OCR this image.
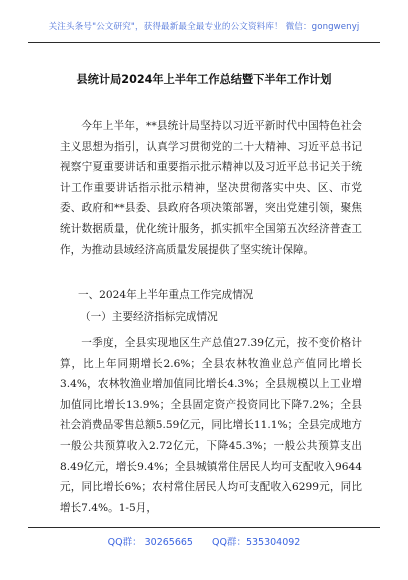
关注头条号"公文研究"，获得最新最全最专业的公文资料库！ 微信：gongwenyj
县统计局2024年上半年工作总结暨下半年工作计划
今年上半年，**县统计局坚持以习近平新时代中国特色社会主义思想为指引，认真学习贯彻党的二十大精神、习近平总书记视察宁夏重要讲话和重要指示批示精神以及习近平总书记关于统计工作重要讲话指示批示精神，坚决贯彻落实中央、区、市党委、政府和**县委、县政府各项决策部署，突出党建引领，聚焦统计数据质量，优化统计服务，抓实抓牢全国第五次经济普查工作，为推动县域经济高质量发展提供了坚实统计保障。
一、2024年上半年重点工作完成情况
（一）主要经济指标完成情况
一季度，全县实现地区生产总值27.39亿元，按不变价格计算，比上年同期增长2.6%；全县农林牧渔业总产值同比增长3.4%，农林牧渔业增加值同比增长4.3%；全县规模以上工业增加值同比增长13.9%；全县固定资产投资同比下降7.2%；全县社会消费品零售总额5.59亿元，同比增长11.1%；全县完成地方一般公共预算收入2.72亿元，下降45.3%；一般公共预算支出8.49亿元，增长9.4%；全县城镇常住居民人均可支配收入9644元，同比增长6%；农村常住居民人均可支配收入6299元，同比增长7.4%。1-5月，
QQ群： 30265665 QQ群：535304092
